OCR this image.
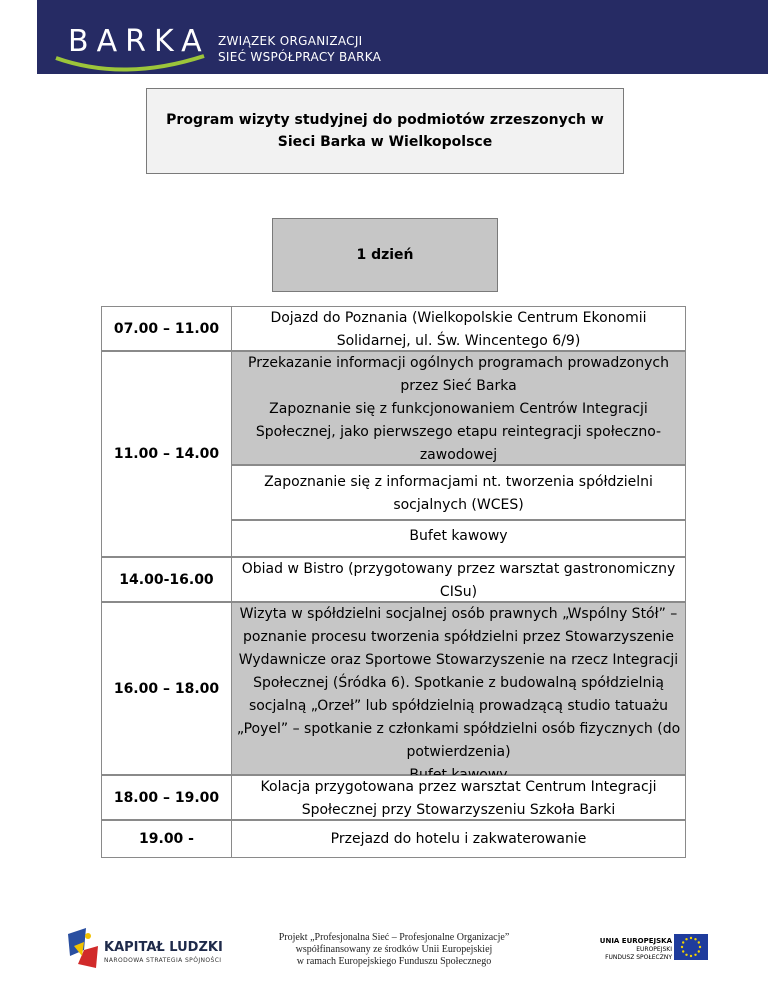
BARKA ZWIĄZEK ORGANIZACJI
SIEĆ WSPÓŁPRACY BARKA

Program wizyty studyjnej do podmiotów zrzeszonych w Sieci Barka w Wielkopolsce

1 dzień
07.00 – 11.00

Dojazd do Poznania (Wielkopolskie Centrum Ekonomii

Solidarnej, ul. Św. Wincentego 6/9)

11.00 – 14.00

Przekazanie informacji ogólnych programach prowadzonych

przez Sieć Barka

Zapoznanie się z funkcjonowaniem Centrów Integracji

Społecznej, jako pierwszego etapu reintegracji społeczno-

zawodowej

Zapoznanie się z informacjami nt. tworzenia spółdzielni

socjalnych (WCES)

Bufet kawowy

14.00-16.00

Obiad w Bistro (przygotowany przez warsztat gastronomiczny

CISu)

16.00 – 18.00

Wizyta w spółdzielni socjalnej osób prawnych „Wspólny Stół” –

poznanie procesu tworzenia spółdzielni przez Stowarzyszenie

Wydawnicze oraz Sportowe Stowarzyszenie na rzecz Integracji

Społecznej (Śródka 6). Spotkanie z budowalną spółdzielnią

socjalną „Orzeł” lub spółdzielnią prowadzącą studio tatuażu

„Poyel” – spotkanie z członkami spółdzielni osób fizycznych (do

potwierdzenia)

18.00 – 19.00

Kolacja przygotowana przez warsztat Centrum Integracji

Społecznej przy Stowarzyszeniu Szkoła Barki

19.00 -	Przejazd do hotelu i zakwaterowanie

KAPITAŁ LUDZKI
NARODOWA STRATEGIA SPÓJNOŚCI
Projekt „Profesjonalna Sieć – Profesjonalne Organizacje”
współfinansowany ze środków Unii Europejskiej
w ramach Europejskiego Funduszu Społecznego
UNIA EUROPEJSKA
EUROPEJSKI
FUNDUSZ SPOŁECZNY
